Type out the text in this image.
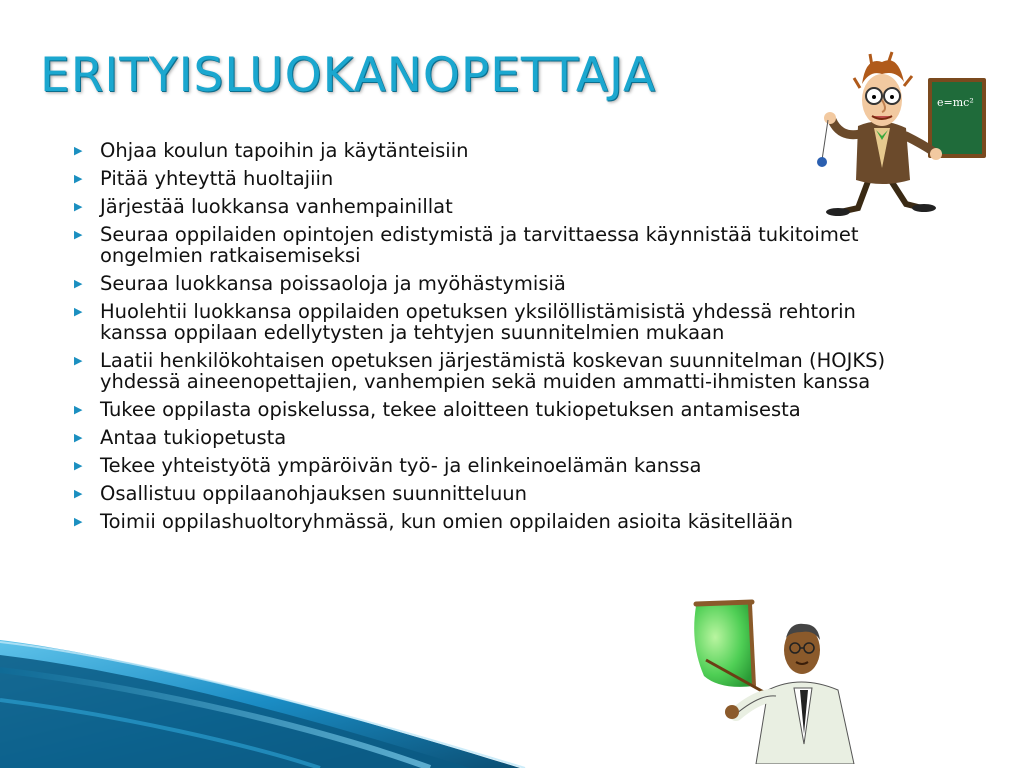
ERITYISLUOKANOPETTAJA
▶ Ohjaa koulun tapoihin ja käytänteisiin
▶ Pitää yhteyttä huoltajiin
▶ Järjestää luokkansa vanhempainillat
▶ Seuraa oppilaiden opintojen edistymistä ja tarvittaessa käynnistää tukitoimet ongelmien ratkaisemiseksi
▶ Seuraa luokkansa poissaoloja ja myöhästymisiä
▶ Huolehtii luokkansa oppilaiden opetuksen yksilöllistämisistä yhdessä rehtorin kanssa oppilaan edellytysten ja tehtyjen suunnitelmien mukaan
▶ Laatii henkilökohtaisen opetuksen järjestämistä koskevan suunnitelman (HOJKS) yhdessä aineenopettajien, vanhempien sekä muiden ammatti-ihmisten kanssa
▶ Tukee oppilasta opiskelussa, tekee aloitteen tukiopetuksen antamisesta
▶ Antaa tukiopetusta
▶ Tekee yhteistyötä ympäröivän työ- ja elinkeinoelämän kanssa
▶ Osallistuu oppilaanohjauksen suunnitteluun
▶ Toimii oppilashuoltoryhmässä, kun omien oppilaiden asioita käsitellään
e=mc²
